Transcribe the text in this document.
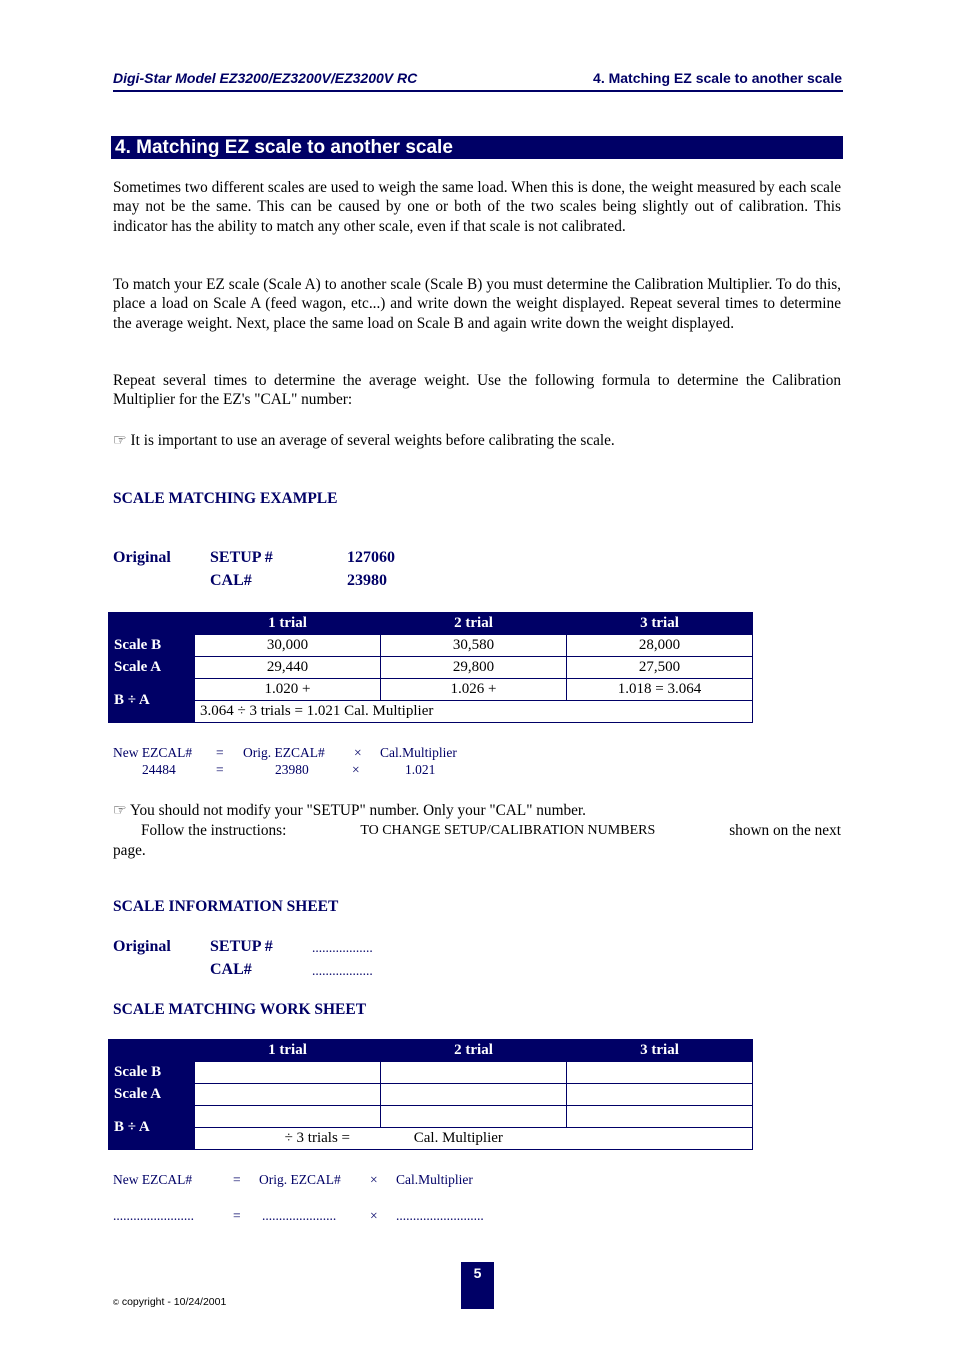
Digi-Star Model EZ3200/EZ3200V/EZ3200V RC	4. Matching EZ scale to another scale
4. Matching EZ scale to another scale
Sometimes two different scales are used to weigh the same load. When this is done, the weight measured by each scale may not be the same. This can be caused by one or both of the two scales being slightly out of calibration. This indicator has the ability to match any other scale, even if that scale is not calibrated.
To match your EZ scale (Scale A) to another scale (Scale B) you must determine the Calibration Multiplier. To do this, place a load on Scale A (feed wagon, etc...) and write down the weight displayed. Repeat several times to determine the average weight. Next, place the same load on Scale B and again write down the weight displayed.
Repeat several times to determine the average weight. Use the following formula to determine the Calibration Multiplier for the EZ's "CAL" number:
☞ It is important to use an average of several weights before calibrating the scale.
SCALE MATCHING EXAMPLE
Original SETUP #	127060
CAL#	23980
	1 trial	2 trial	3 trial
Scale B	30,000	30,580	28,000
Scale A	29,440	29,800	27,500
B ÷ A	1.020 +	1.026 +	1.018 = 3.064
	3.064 ÷ 3 trials = 1.021 Cal. Multiplier		
New EZCAL# = Orig. EZCAL# × Cal.Multiplier
24484	=	23980	×	1.021
☞ You should not modify your "SETUP" number. Only your "CAL" number.
Follow the instructions:	TO CHANGE SETUP/CALIBRATION NUMBERS	shown on the next
page.
SCALE INFORMATION SHEET
Original SETUP #	..................
CAL#	..................
SCALE MATCHING WORK SHEET
	1 trial	2 trial	3 trial
Scale B			
Scale A			
B ÷ A			
	÷ 3 trials = Cal. Multiplier		
New EZCAL#	= Orig. EZCAL# × Cal.Multiplier
........................	= ......................	× ..........................
5
© copyright - 10/24/2001
